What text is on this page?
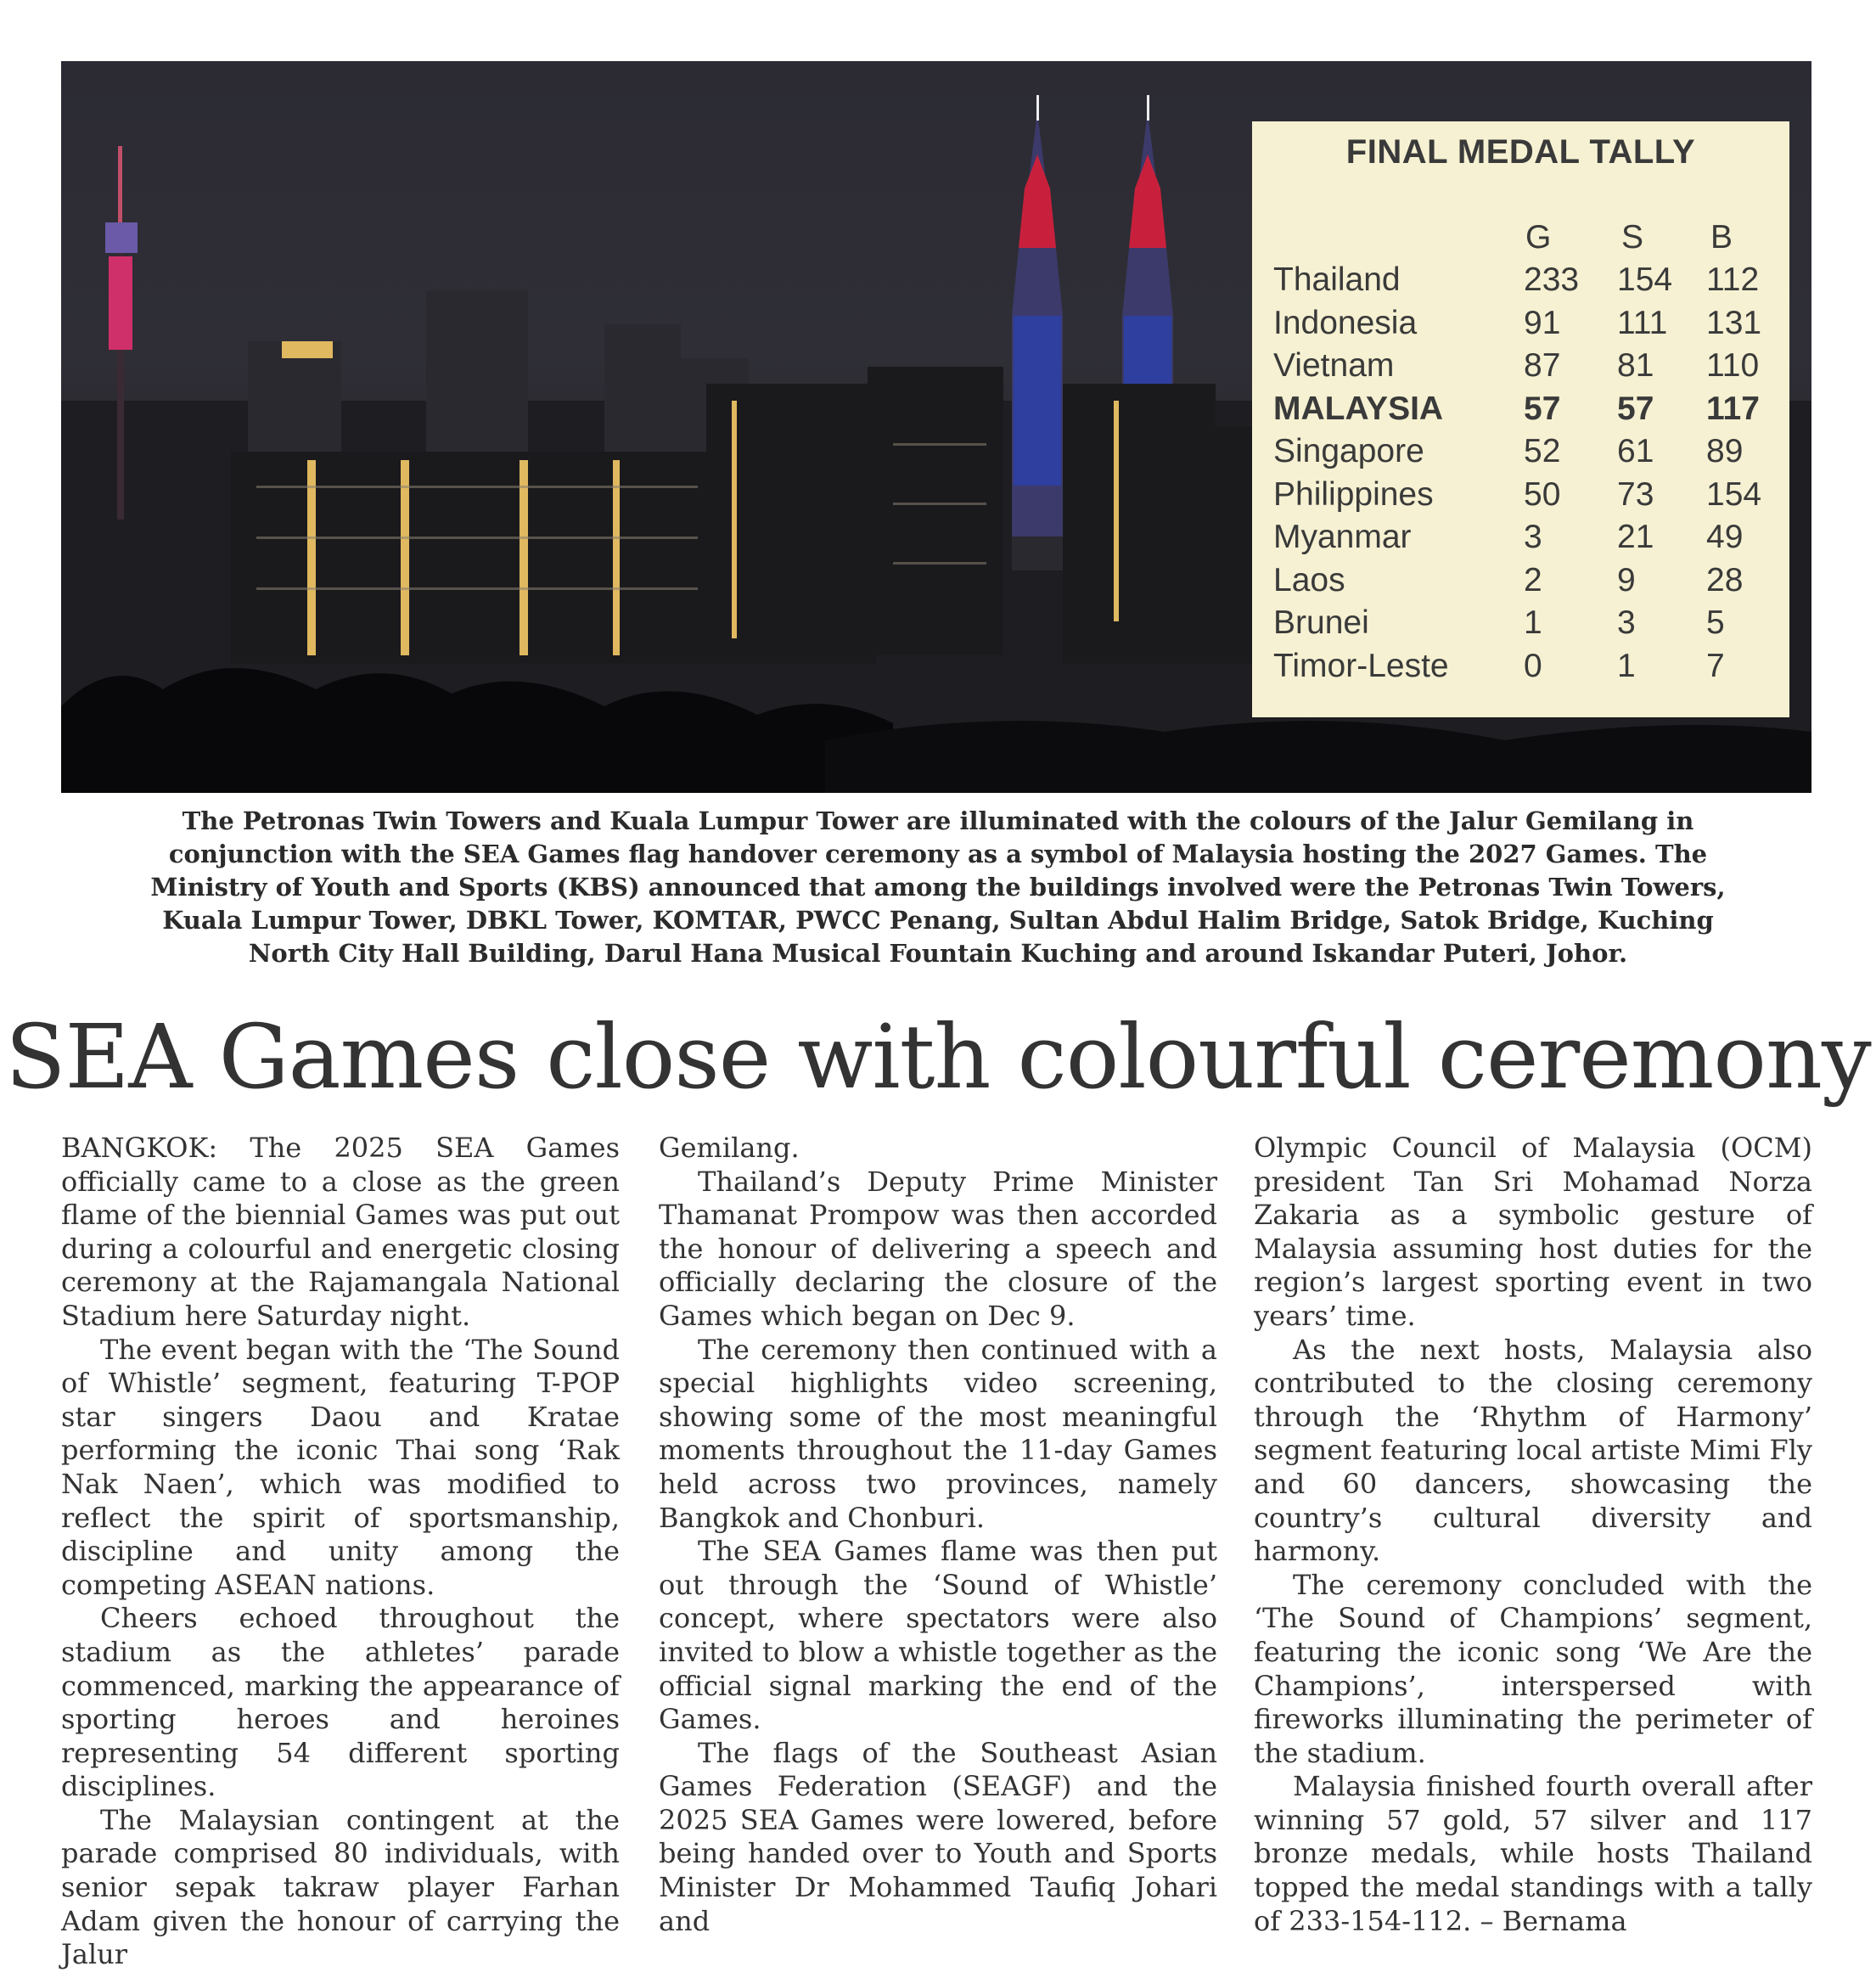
FINAL MEDAL TALLY
G S B
Thailand	233 154 112
Indonesia	91 111 131
Vietnam	87 81 110
MALAYSIA 57 57 117
Singapore	52 61 89
Philippines	50 73 154
Myanmar	3 21 49
Laos	2 9 28
Brunei	1 3 5
Timor-Leste 0 1 7
The Petronas Twin Towers and Kuala Lumpur Tower are illuminated with the colours of the Jalur Gemilang in conjunction with the SEA Games flag handover ceremony as a symbol of Malaysia hosting the 2027 Games. The Ministry of Youth and Sports (KBS) announced that among the buildings involved were the Petronas Twin Towers, Kuala Lumpur Tower, DBKL Tower, KOMTAR, PWCC Penang, Sultan Abdul Halim Bridge, Satok Bridge, Kuching North City Hall Building, Darul Hana Musical Fountain Kuching and around Iskandar Puteri, Johor.
SEA Games close with colourful ceremony

BANGKOK: The 2025 SEA Games officially came to a close as the green flame of the biennial Games was put out during a colourful and energetic closing ceremony at the Rajamangala National Stadium here Saturday night.

The event began with the ‘The Sound of Whistle’ segment, featuring T-POP star singers Daou and Kratae performing the iconic Thai song ‘Rak Nak Naen’, which was modified to reflect the spirit of sportsmanship, discipline and unity among the competing ASEAN nations.

Cheers echoed throughout the stadium as the athletes’ parade commenced, marking the appearance of sporting heroes and heroines representing 54 different sporting disciplines.

The Malaysian contingent at the parade comprised 80 individuals, with senior sepak takraw player Farhan Adam given the honour of carrying the Jalur

Gemilang.

Thailand’s Deputy Prime Minister Thamanat Prompow was then accorded the honour of delivering a speech and officially declaring the closure of the Games which began on Dec 9.

The ceremony then continued with a special highlights video screening, showing some of the most meaningful moments throughout the 11-day Games held across two provinces, namely Bangkok and Chonburi.

The SEA Games flame was then put out through the ‘Sound of Whistle’ concept, where spectators were also invited to blow a whistle together as the official signal marking the end of the Games.

The flags of the Southeast Asian Games Federation (SEAGF) and the 2025 SEA Games were lowered, before being handed over to Youth and Sports Minister Dr Mohammed Taufiq Johari and

Olympic Council of Malaysia (OCM) president Tan Sri Mohamad Norza Zakaria as a symbolic gesture of Malaysia assuming host duties for the region’s largest sporting event in two years’ time.

As the next hosts, Malaysia also contributed to the closing ceremony through the ‘Rhythm of Harmony’ segment featuring local artiste Mimi Fly and 60 dancers, showcasing the country’s cultural diversity and harmony.

The ceremony concluded with the ‘The Sound of Champions’ segment, featuring the iconic song ‘We Are the Champions’, interspersed with fireworks illuminating the perimeter of the stadium.

Malaysia finished fourth overall after winning 57 gold, 57 silver and 117 bronze medals, while hosts Thailand topped the medal standings with a tally of 233-154-112. – Bernama
